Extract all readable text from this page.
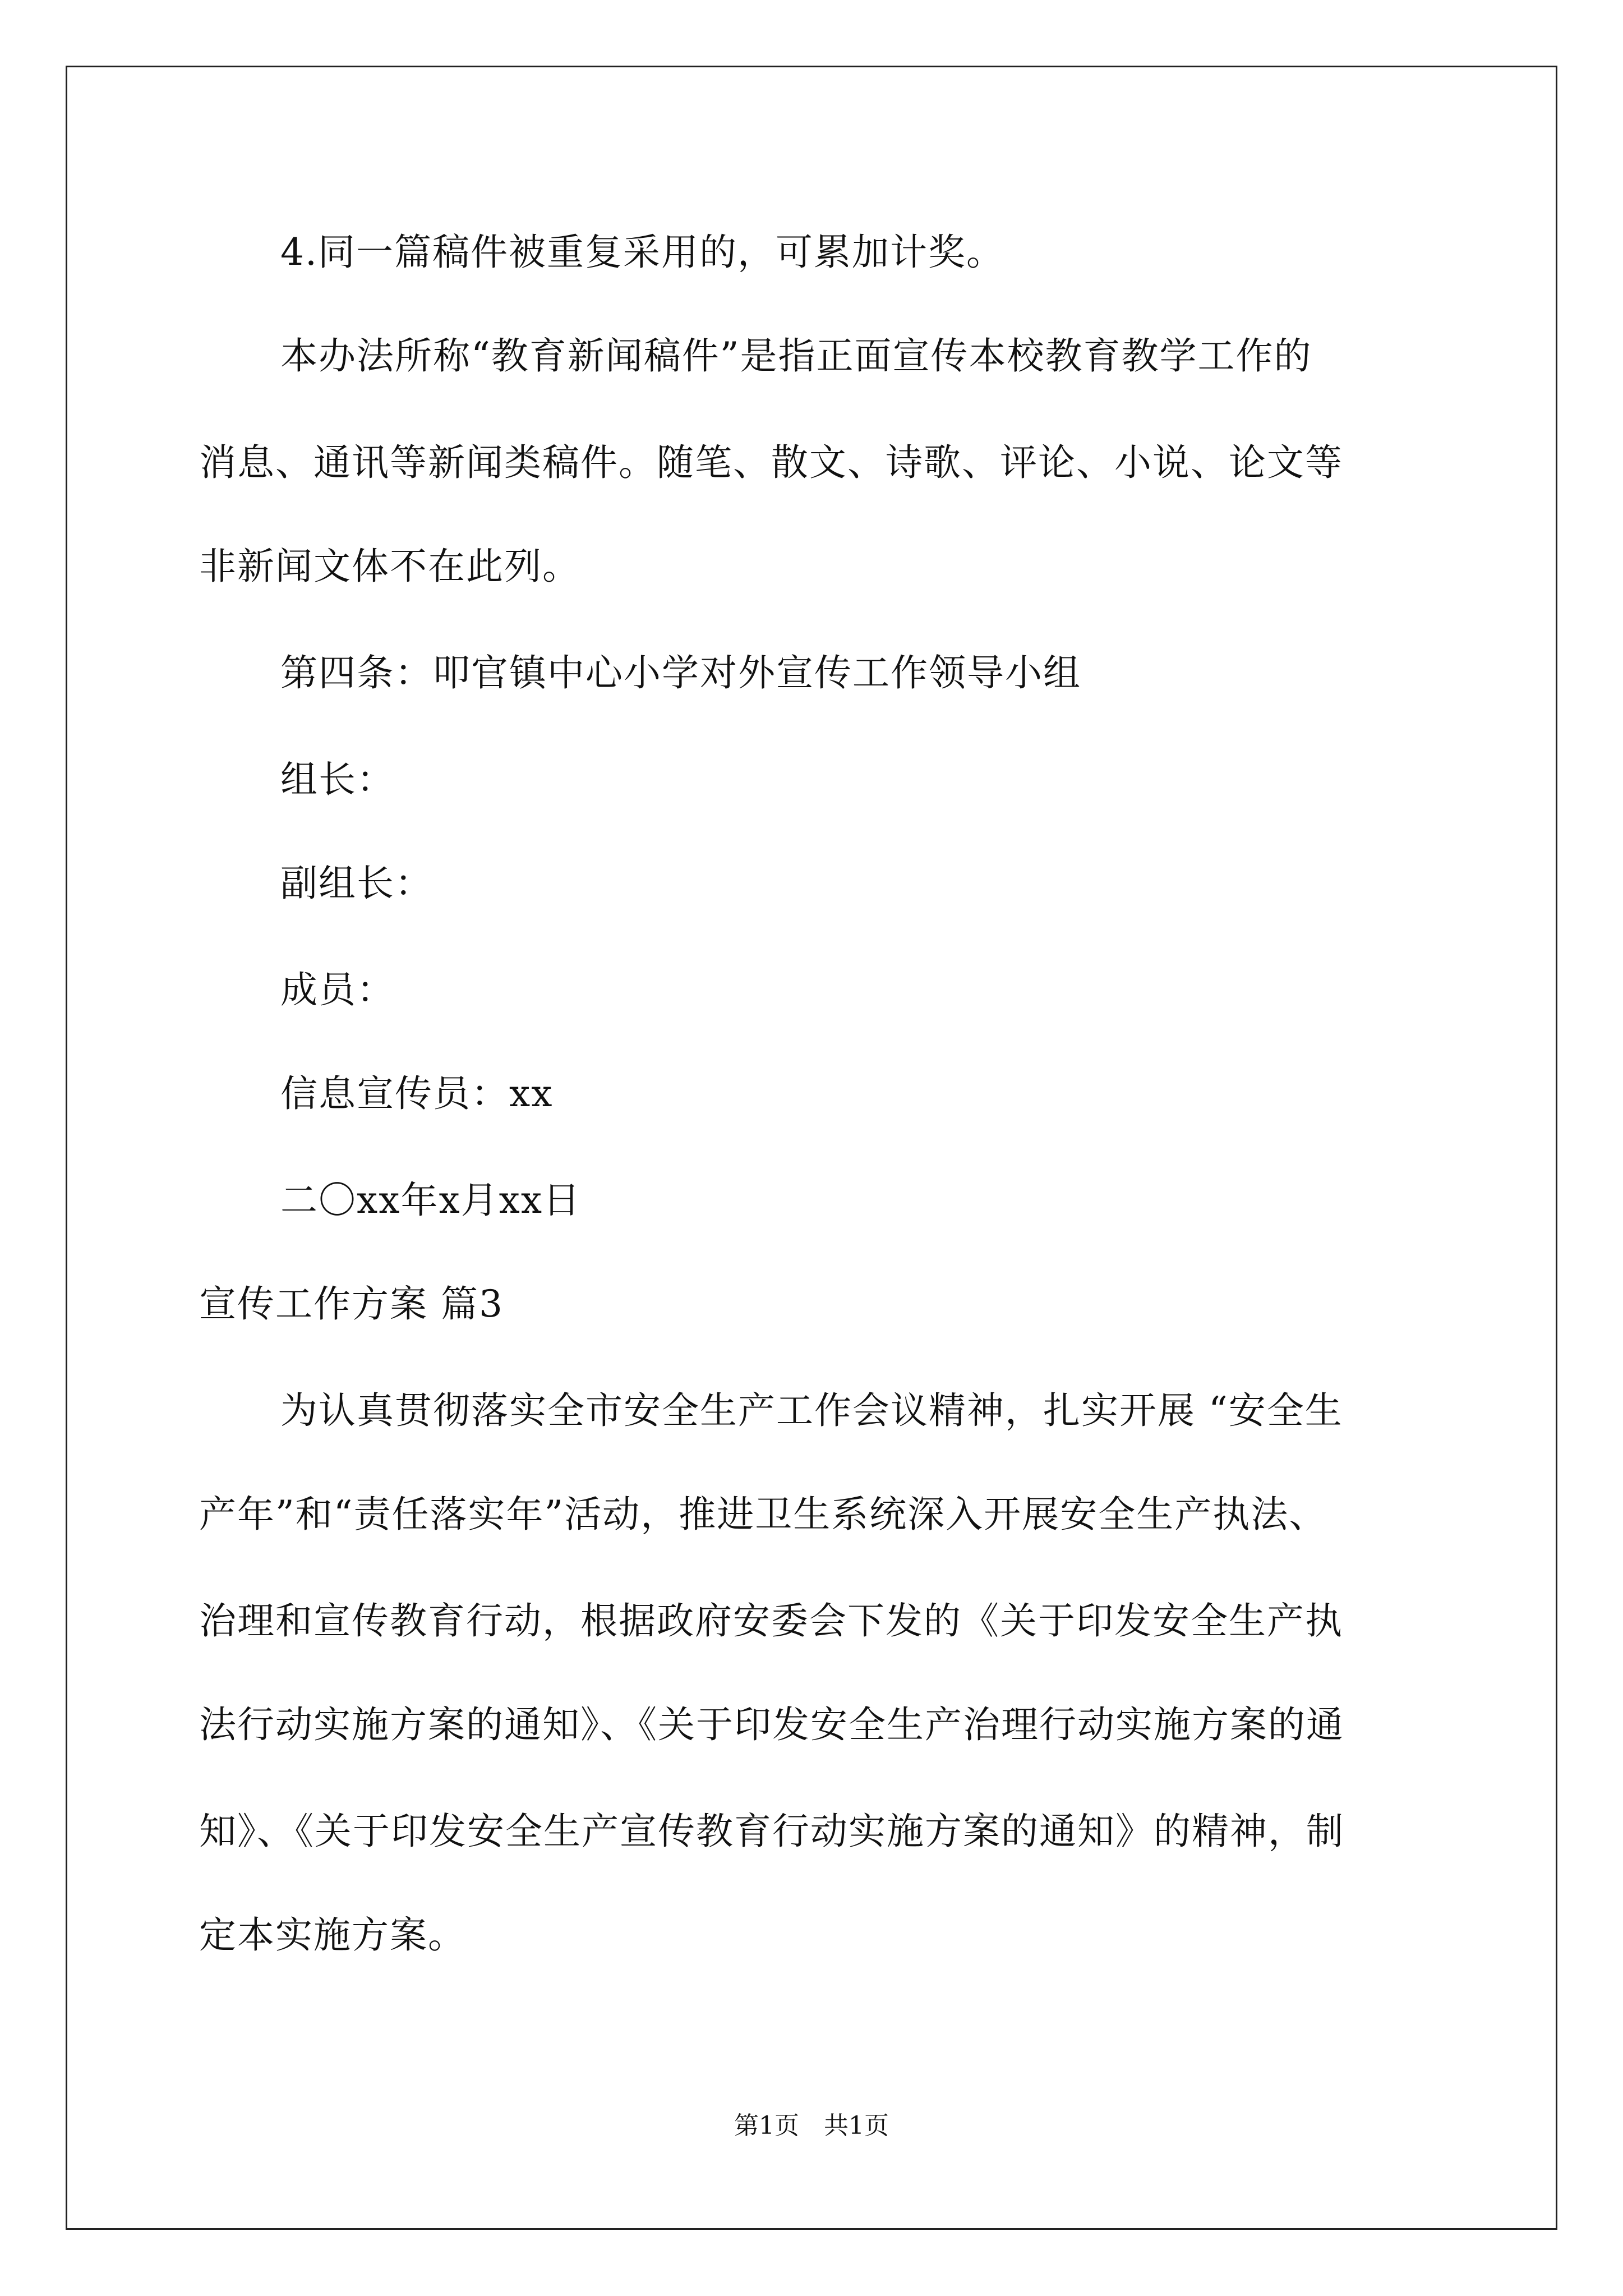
4.同一篇稿件被重复采用的，可累加计奖。
本办法所称“教育新闻稿件”是指正面宣传本校教育教学工作的
消息、通讯等新闻类稿件。随笔、散文、诗歌、评论、小说、论文等
非新闻文体不在此列。
第四条：叩官镇中心小学对外宣传工作领导小组
组长：
副组长：
成员：
信息宣传员：xx
二〇xx年x月xx日
宣传工作方案 篇3
为认真贯彻落实全市安全生产工作会议精神，扎实开展 “安全生
产年”和“责任落实年”活动，推进卫生系统深入开展安全生产执法、
治理和宣传教育行动，根据政府安委会下发的《关于印发安全生产执
法行动实施方案的通知》、《关于印发安全生产治理行动实施方案的通
知》、《关于印发安全生产宣传教育行动实施方案的通知》的精神，制
定本实施方案。
第1页　共1页
